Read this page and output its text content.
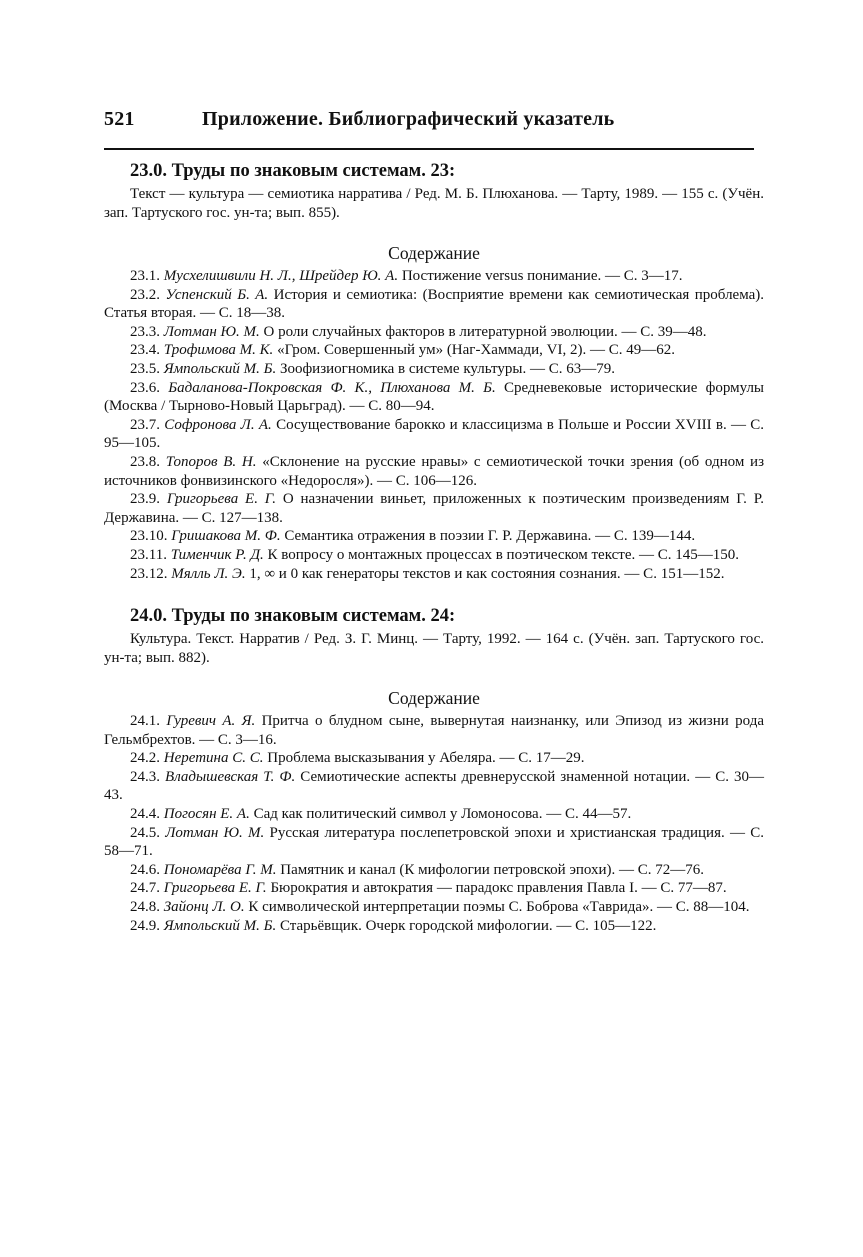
521	Приложение. Библиографический указатель
23.0. Труды по знаковым системам. 23:

Текст — культура — семиотика нарратива / Ред. М. Б. Плюханова. — Тарту, 1989. — 155 с. (Учён. зап. Тартуского гос. ун-та; вып. 855).

Содержание

23.1. Мусхелишвили Н. Л., Шрейдер Ю. А. Постижение versus понимание. — С. 3—17.

23.2. Успенский Б. А. История и семиотика: (Восприятие времени как семиотическая проблема). Статья вторая. — С. 18—38.

23.3. Лотман Ю. М. О роли случайных факторов в литературной эволюции. — С. 39—48.

23.4. Трофимова М. К. «Гром. Совершенный ум» (Наг-Хаммади, VI, 2). — С. 49—62.

23.5. Ямпольский М. Б. Зоофизиогномика в системе культуры. — С. 63—79.

23.6. Бадаланова-Покровская Ф. К., Плюханова М. Б. Средневековые исторические формулы (Москва / Тырново-Новый Царьград). — С. 80—94.

23.7. Софронова Л. А. Сосуществование барокко и классицизма в Польше и России XVIII в. — С. 95—105.

23.8. Топоров В. Н. «Склонение на русские нравы» с семиотической точки зрения (об одном из источников фонвизинского «Недоросля»). — С. 106—126.

23.9. Григорьева Е. Г. О назначении виньет, приложенных к поэтическим произведениям Г. Р. Державина. — С. 127—138.

23.10. Гришакова М. Ф. Семантика отражения в поэзии Г. Р. Державина. — С. 139—144.

23.11. Тименчик Р. Д. К вопросу о монтажных процессах в поэтическом тексте. — С. 145—150.

23.12. Мялль Л. Э. 1, ∞ и 0 как генераторы текстов и как состояния сознания. — С. 151—152.

24.0. Труды по знаковым системам. 24:

Культура. Текст. Нарратив / Ред. З. Г. Минц. — Тарту, 1992. — 164 с. (Учён. зап. Тартуского гос. ун-та; вып. 882).

Содержание

24.1. Гуревич А. Я. Притча о блудном сыне, вывернутая наизнанку, или Эпизод из жизни рода Гельмбрехтов. — С. 3—16.

24.2. Неретина С. С. Проблема высказывания у Абеляра. — С. 17—29.

24.3. Владышевская Т. Ф. Семиотические аспекты древнерусской знаменной нотации. — С. 30—43.

24.4. Погосян Е. А. Сад как политический символ у Ломоносова. — С. 44—57.

24.5. Лотман Ю. М. Русская литература послепетровской эпохи и христианская традиция. — С. 58—71.

24.6. Пономарёва Г. М. Памятник и канал (К мифологии петровской эпохи). — С. 72—76.

24.7. Григорьева Е. Г. Бюрократия и автократия — парадокс правления Павла I. — С. 77—87.

24.8. Зайонц Л. О. К символической интерпретации поэмы С. Боброва «Таврида». — С. 88—104.

24.9. Ямпольский М. Б. Старьёвщик. Очерк городской мифологии. — С. 105—122.
